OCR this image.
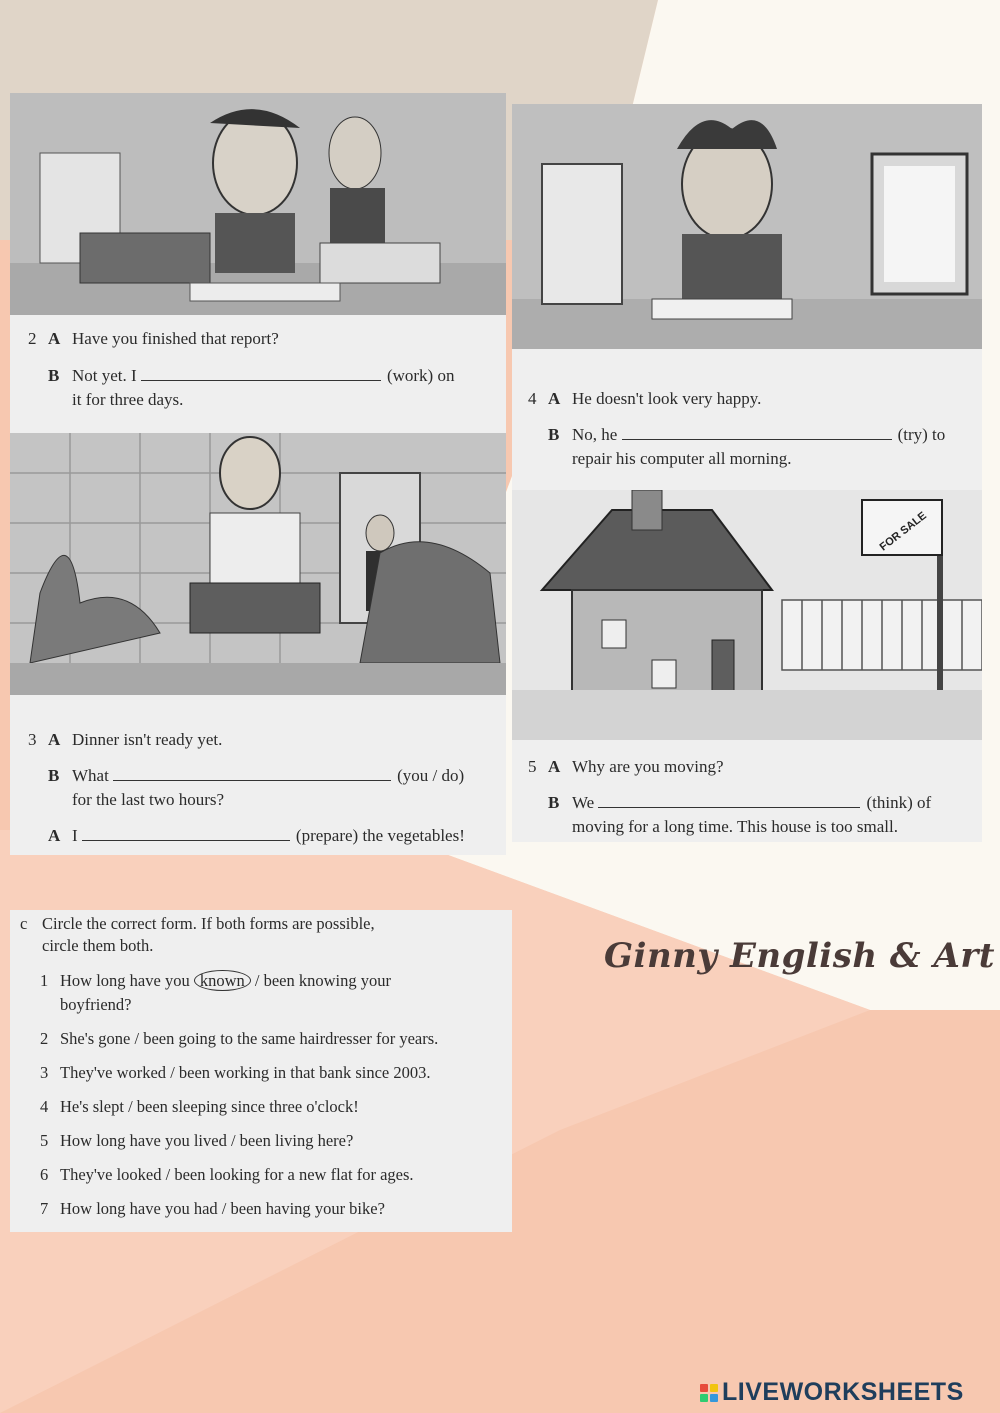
2 A Have you finished that report?
B Not yet. I	(work) on
it for three days.
3 A Dinner isn't ready yet.
B What	(you / do)
for the last two hours?
A I	(prepare) the vegetables!
4 A He doesn't look very happy.
B No, he	(try) to
repair his computer all morning.
FOR SALE
5 A Why are you moving?
B We	(think) of
moving for a long time. This house is too small.
c Circle the correct form. If both forms are possible,
circle them both.
1 How long have you known / been knowing your
boyfriend?
2 She's gone / been going to the same hairdresser for years.
3 They've worked / been working in that bank since 2003.
4 He's slept / been sleeping since three o'clock!
5 How long have you lived / been living here?
6 They've looked / been looking for a new flat for ages.
7 How long have you had / been having your bike?
Ginny English & Art
LIVEWORKSHEETS
